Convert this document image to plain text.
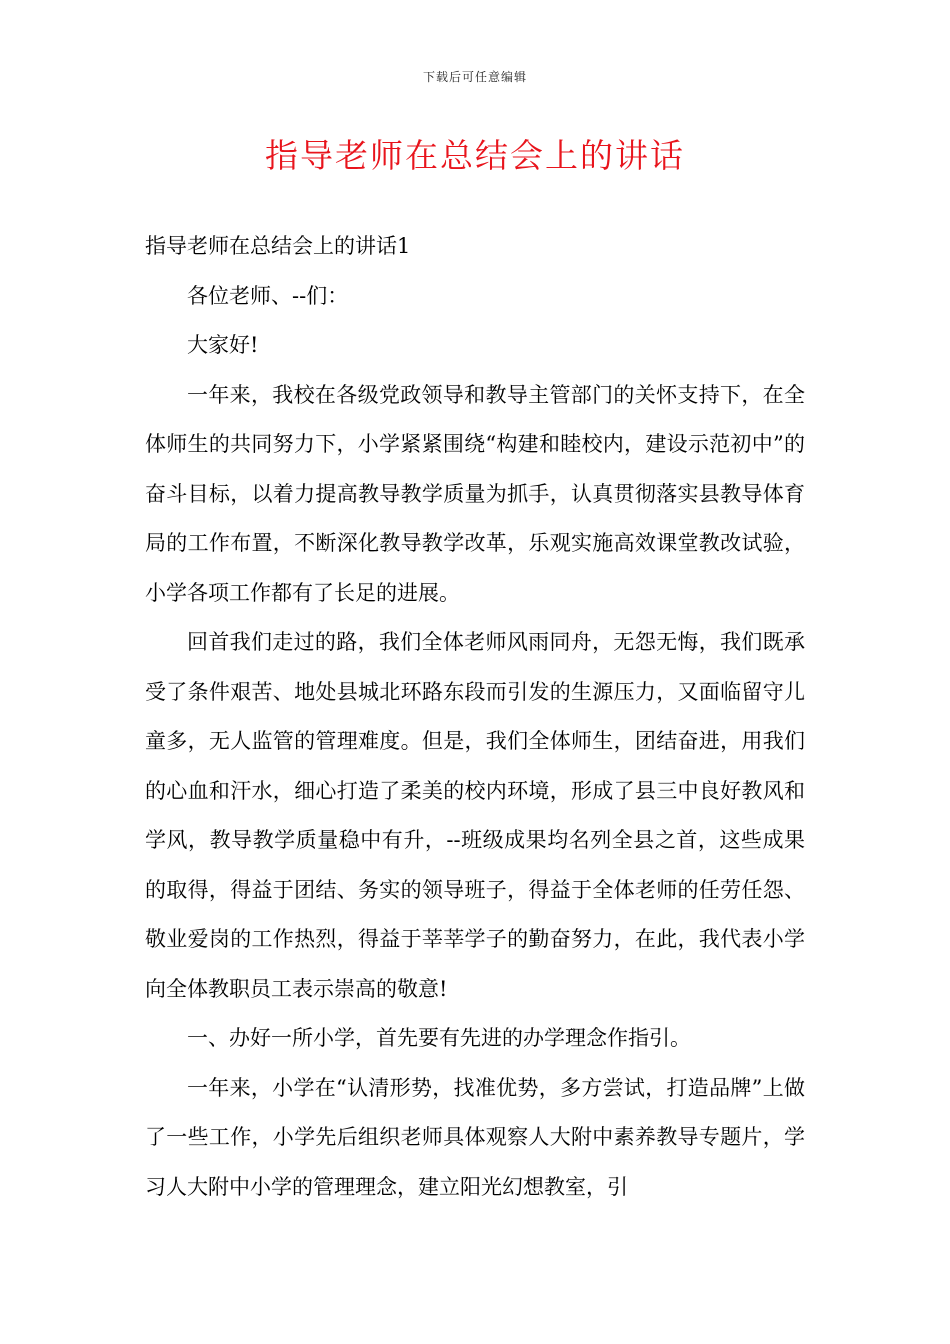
下载后可任意编辑
指导老师在总结会上的讲话

指导老师在总结会上的讲话1

各位老师、--们：

大家好!

一年来，我校在各级党政领导和教导主管部门的关怀支持下，在全体师生的共同努力下，小学紧紧围绕“构建和睦校内，建设示范初中”的奋斗目标，以着力提高教导教学质量为抓手，认真贯彻落实县教导体育局的工作布置，不断深化教导教学改革，乐观实施高效课堂教改试验，小学各项工作都有了长足的进展。

回首我们走过的路，我们全体老师风雨同舟，无怨无悔，我们既承受了条件艰苦、地处县城北环路东段而引发的生源压力，又面临留守儿童多，无人监管的管理难度。但是，我们全体师生，团结奋进，用我们的心血和汗水，细心打造了柔美的校内环境，形成了县三中良好教风和学风，教导教学质量稳中有升，--班级成果均名列全县之首，这些成果的取得，得益于团结、务实的领导班子，得益于全体老师的任劳任怨、敬业爱岗的工作热烈，得益于莘莘学子的勤奋努力，在此，我代表小学向全体教职员工表示崇高的敬意!

一、办好一所小学，首先要有先进的办学理念作指引。

一年来，小学在“认清形势，找准优势，多方尝试，打造品牌”上做了一些工作，小学先后组织老师具体观察人大附中素养教导专题片，学习人大附中小学的管理理念，建立阳光幻想教室，引
